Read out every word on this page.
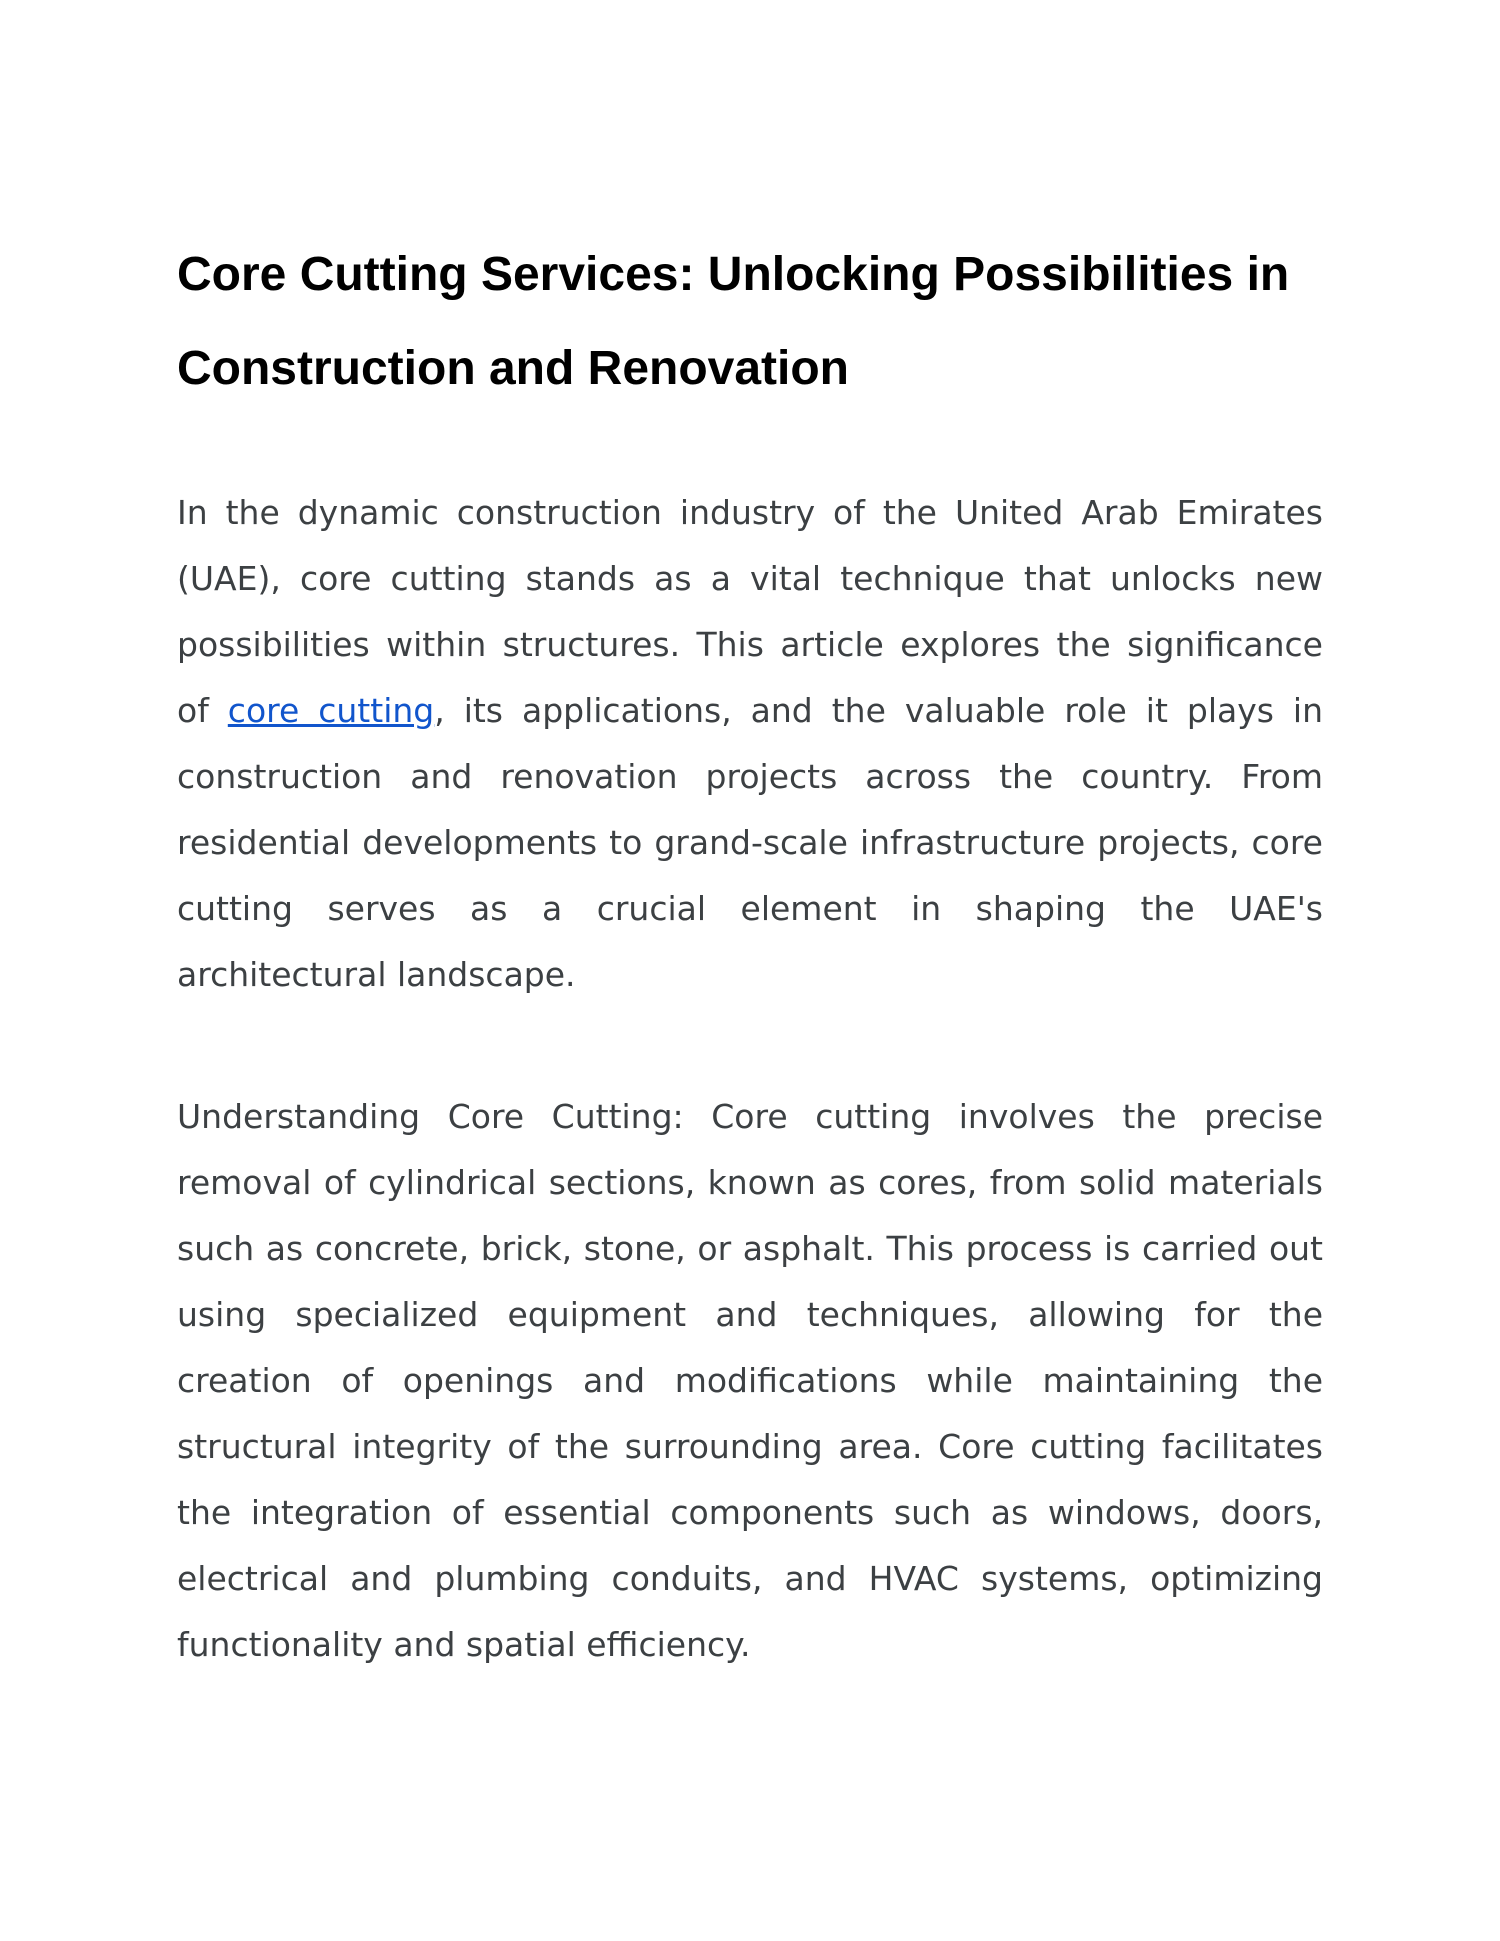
Core Cutting Services: Unlocking Possibilities in Construction and Renovation

In the dynamic construction industry of the United Arab Emirates (UAE), core cutting stands as a vital technique that unlocks new possibilities within structures. This article explores the significance of core cutting, its applications, and the valuable role it plays in construction and renovation projects across the country. From residential developments to grand-scale infrastructure projects, core cutting serves as a crucial element in shaping the UAE's architectural landscape.

Understanding Core Cutting: Core cutting involves the precise removal of cylindrical sections, known as cores, from solid materials such as concrete, brick, stone, or asphalt. This process is carried out using specialized equipment and techniques, allowing for the creation of openings and modifications while maintaining the structural integrity of the surrounding area. Core cutting facilitates the integration of essential components such as windows, doors, electrical and plumbing conduits, and HVAC systems, optimizing functionality and spatial efficiency.
